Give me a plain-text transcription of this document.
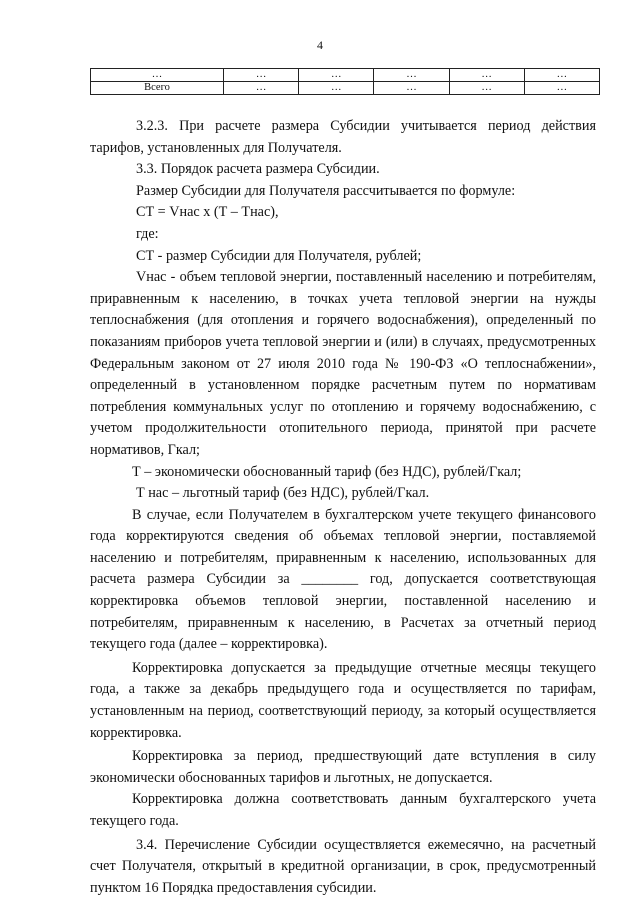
4
…	…	…	…	…	…
Всего	…	…	…	…	…

3.2.3. При расчете размера Субсидии учитывается период действия тарифов, установленных для Получателя.

3.3. Порядок расчета размера Субсидии.

Размер Субсидии для Получателя рассчитывается по формуле:

СТ = Vнас x (Т – Тнас),

где:

СТ - размер Субсидии для Получателя, рублей;

Vнас - объем тепловой энергии, поставленный населению и потребителям, приравненным к населению, в точках учета тепловой энергии на нужды теплоснабжения (для отопления и горячего водоснабжения), определенный по показаниям приборов учета тепловой энергии и (или) в случаях, предусмотренных Федеральным законом от 27 июля 2010 года № 190-ФЗ «О теплоснабжении», определенный в установленном порядке расчетным путем по нормативам потребления коммунальных услуг по отоплению и горячему водоснабжению, с учетом продолжительности отопительного периода, принятой при расчете нормативов, Гкал;

Т – экономически обоснованный тариф (без НДС), рублей/Гкал;

Т нас – льготный тариф (без НДС), рублей/Гкал.

В случае, если Получателем в бухгалтерском учете текущего финансового года корректируются сведения об объемах тепловой энергии, поставляемой населению и потребителям, приравненным к населению, использованных для расчета размера Субсидии за ________ год, допускается соответствующая корректировка объемов тепловой энергии, поставленной населению и потребителям, приравненным к населению, в Расчетах за отчетный период текущего года (далее – корректировка).

Корректировка допускается за предыдущие отчетные месяцы текущего года, а также за декабрь предыдущего года и осуществляется по тарифам, установленным на период, соответствующий периоду, за который осуществляется корректировка.

Корректировка за период, предшествующий дате вступления в силу экономически обоснованных тарифов и льготных, не допускается.

Корректировка должна соответствовать данным бухгалтерского учета текущего года.

3.4. Перечисление Субсидии осуществляется ежемесячно, на расчетный счет Получателя, открытый в кредитной организации, в срок, предусмотренный пунктом 16 Порядка предоставления субсидии.
